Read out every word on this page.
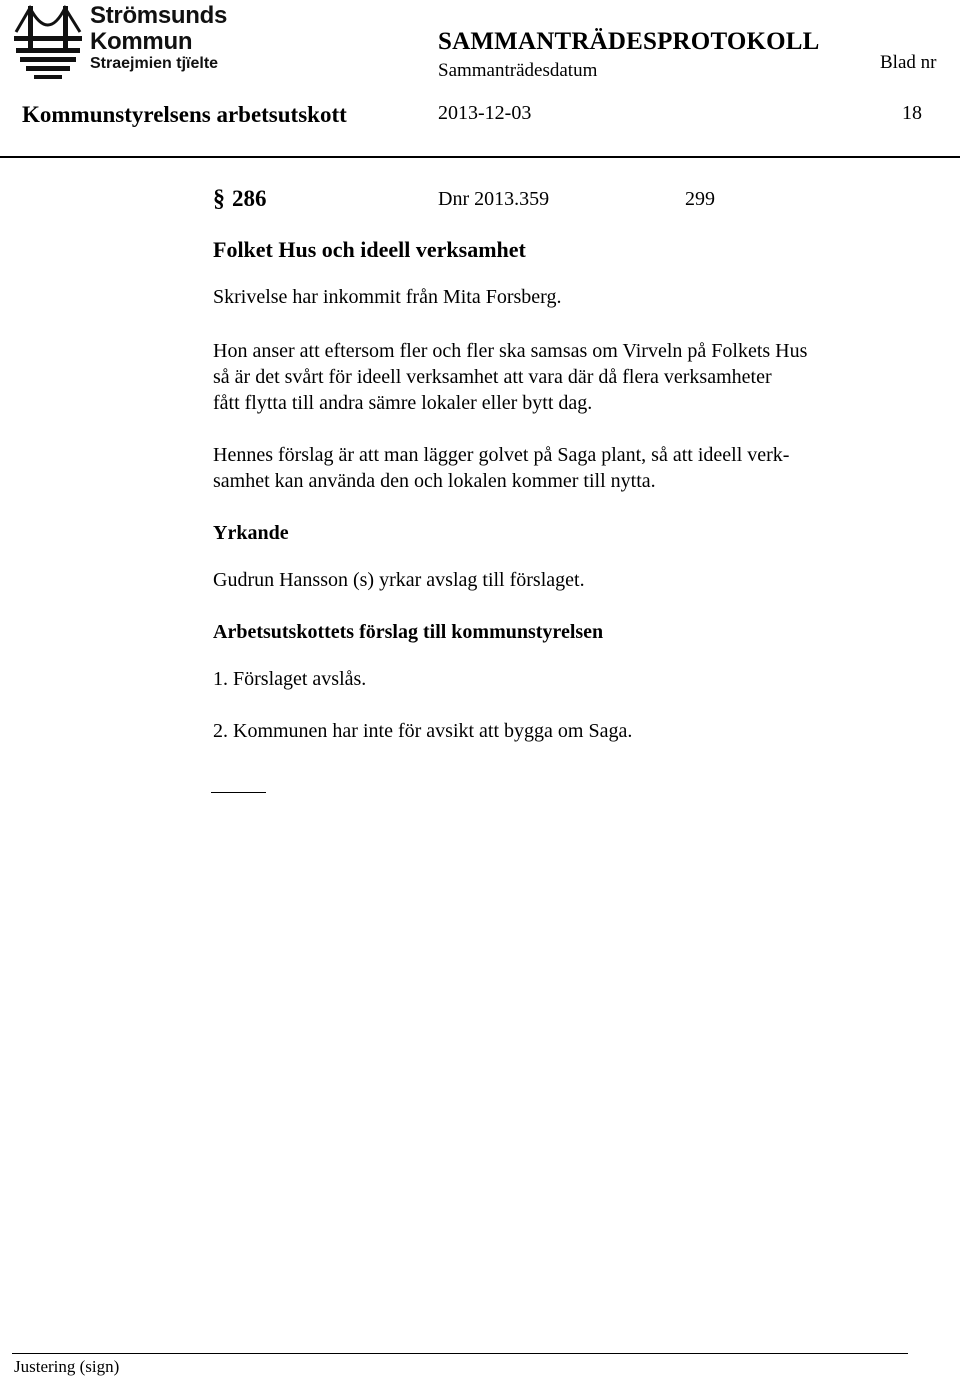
Strömsunds
Kommun
Straejmien tjïelte
SAMMANTRÄDESPROTOKOLL
Sammanträdesdatum	Blad nr
Kommunstyrelsens arbetsutskott	2013-12-03	18
§ 286	Dnr 2013.359	299
Folket Hus och ideell verksamhet
Skrivelse har inkommit från Mita Forsberg.
Hon anser att eftersom fler och fler ska samsas om Virveln på Folkets Hus
så är det svårt för ideell verksamhet att vara där då flera verksamheter
fått flytta till andra sämre lokaler eller bytt dag.
Hennes förslag är att man lägger golvet på Saga plant, så att ideell verk-
samhet kan använda den och lokalen kommer till nytta.
Yrkande
Gudrun Hansson (s) yrkar avslag till förslaget.
Arbetsutskottets förslag till kommunstyrelsen
1. Förslaget avslås.
2. Kommunen har inte för avsikt att bygga om Saga.
Justering (sign)
